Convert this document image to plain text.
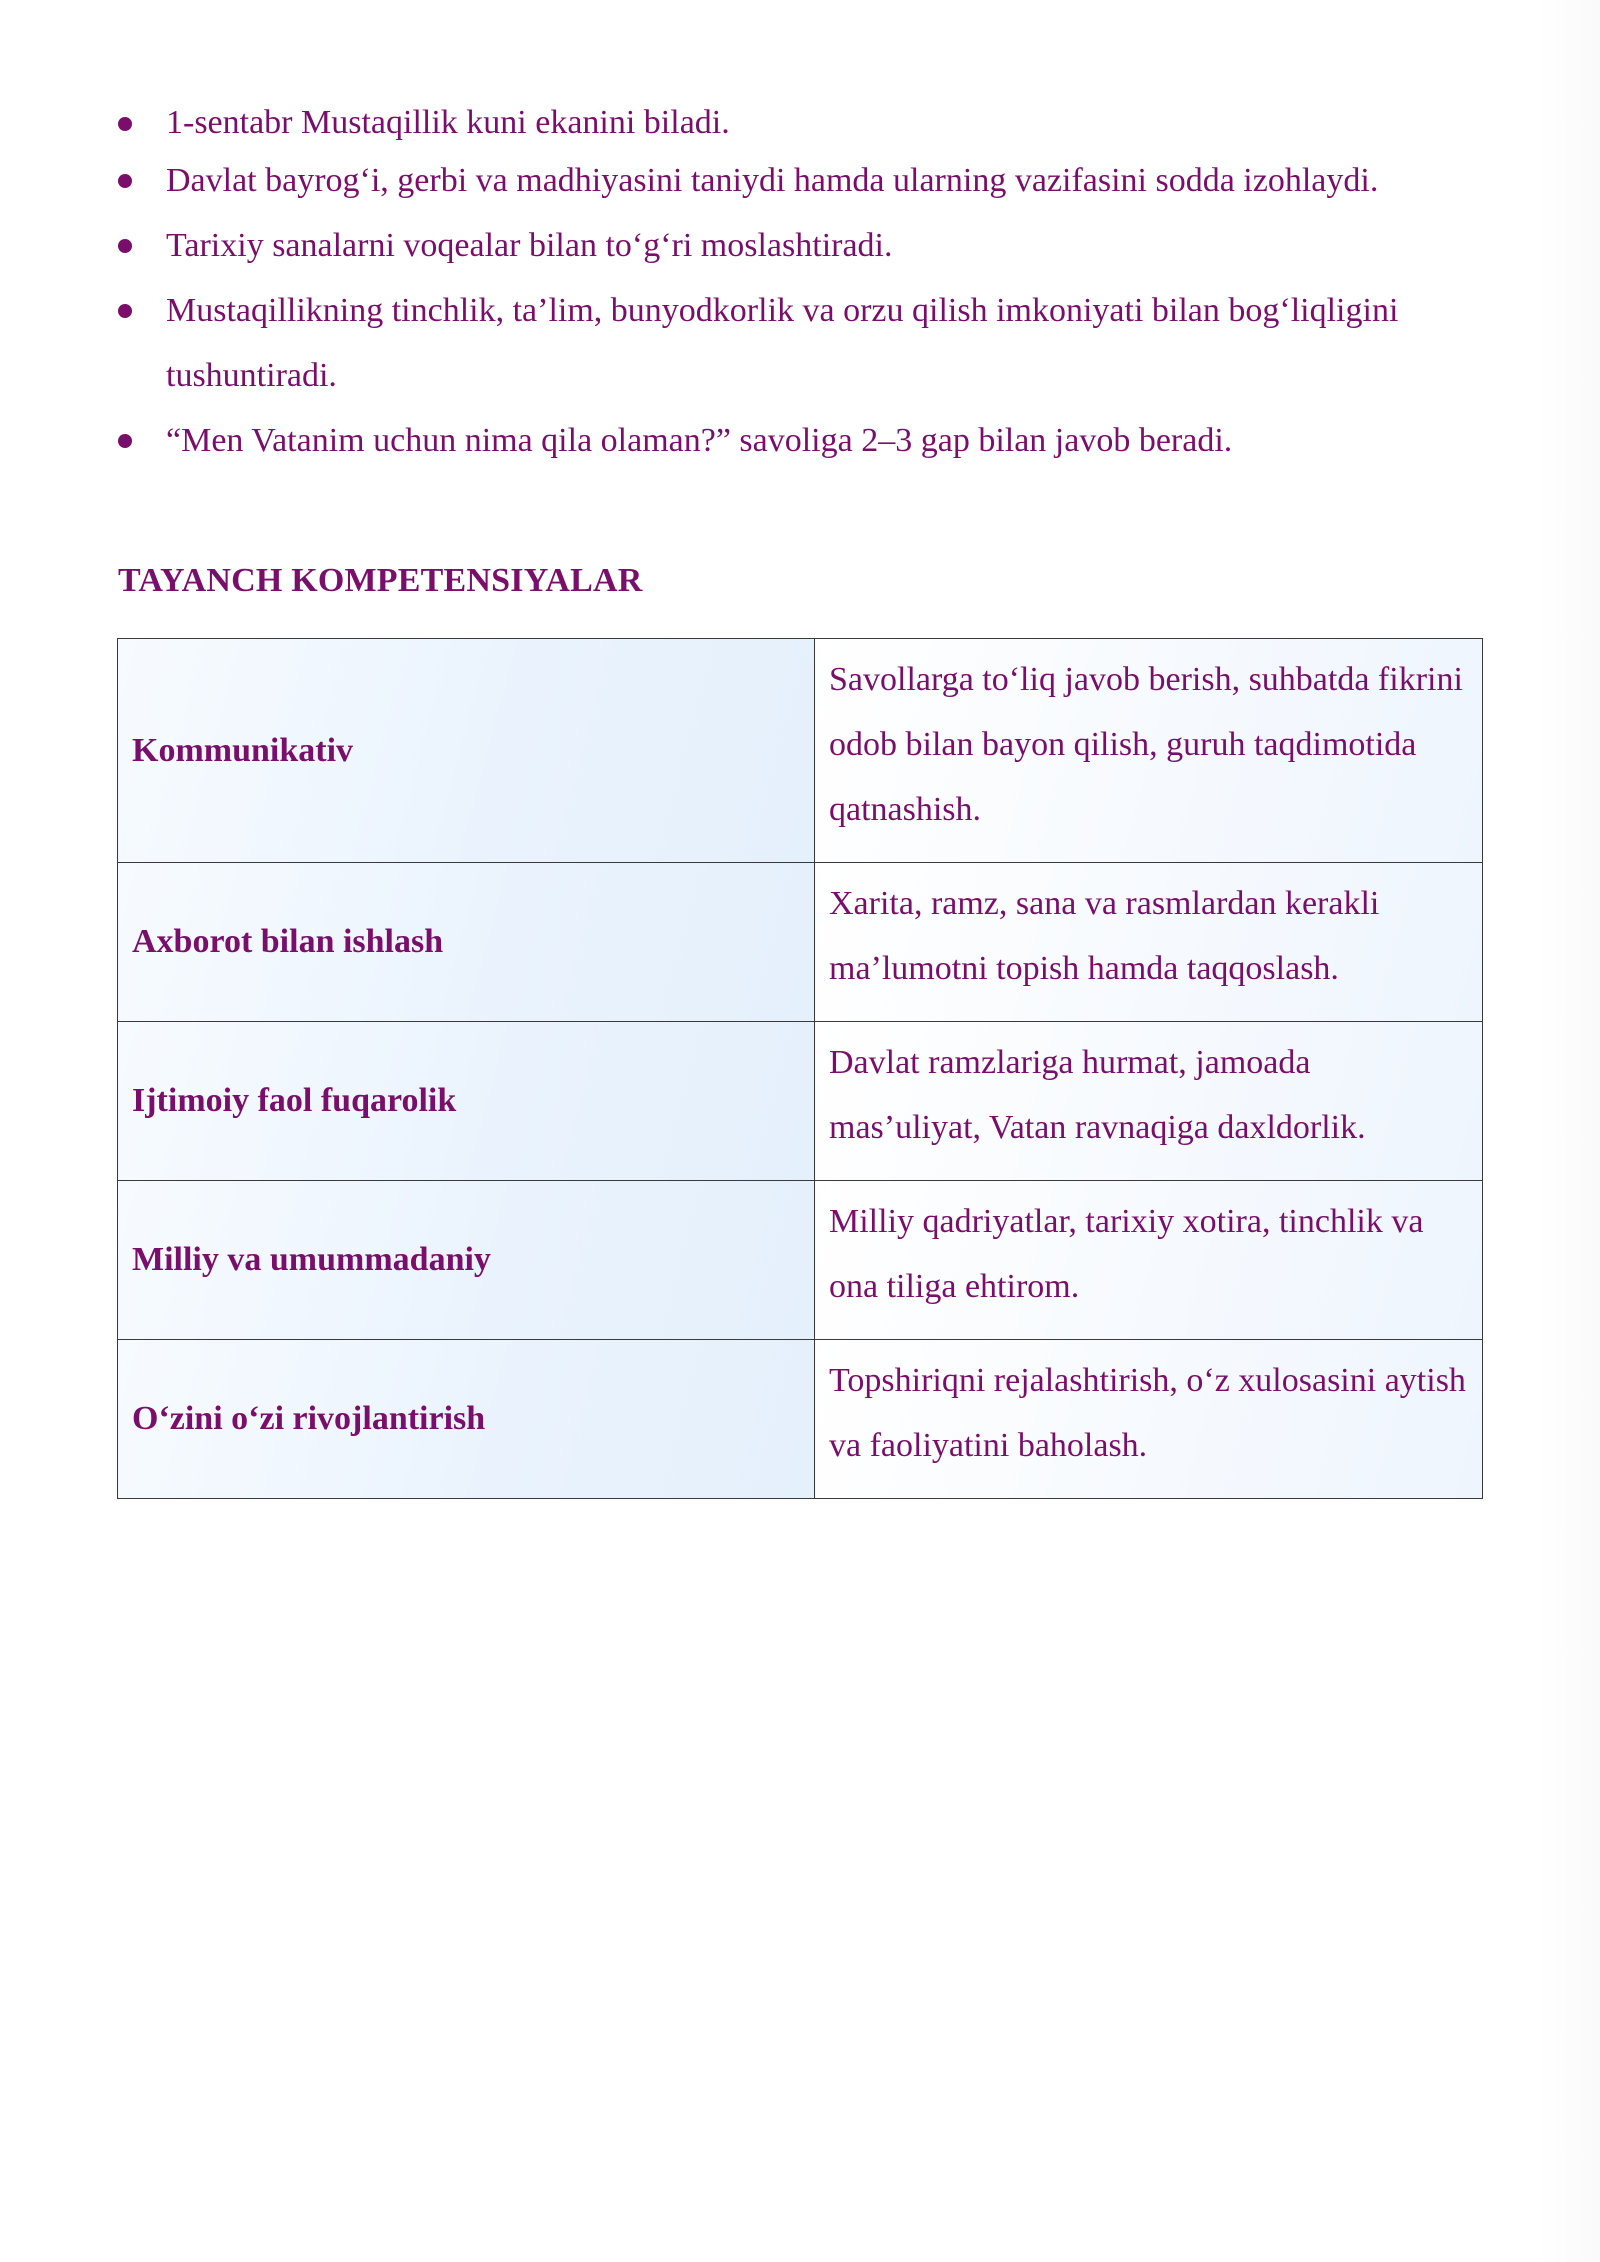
1-sentabr Mustaqillik kuni ekanini biladi.
Davlat bayrog‘i, gerbi va madhiyasini taniydi hamda ularning vazifasini sodda izohlaydi.
Tarixiy sanalarni voqealar bilan to‘g‘ri moslashtiradi.
Mustaqillikning tinchlik, ta’lim, bunyodkorlik va orzu qilish imkoniyati bilan bog‘liqligini tushuntiradi.
“Men Vatanim uchun nima qila olaman?” savoliga 2–3 gap bilan javob beradi.
TAYANCH KOMPETENSIYALAR
Kommunikativ	Savollarga to‘liq javob berish, suhbatda fikrini odob bilan bayon qilish, guruh taqdimotida qatnashish.
Axborot bilan ishlash	Xarita, ramz, sana va rasmlardan kerakli ma’lumotni topish hamda taqqoslash.
Ijtimoiy faol fuqarolik	Davlat ramzlariga hurmat, jamoada mas’uliyat, Vatan ravnaqiga daxldorlik.
Milliy va umummadaniy	Milliy qadriyatlar, tarixiy xotira, tinchlik va ona tiliga ehtirom.
O‘zini o‘zi rivojlantirish	Topshiriqni rejalashtirish, o‘z xulosasini aytish va faoliyatini baholash.
